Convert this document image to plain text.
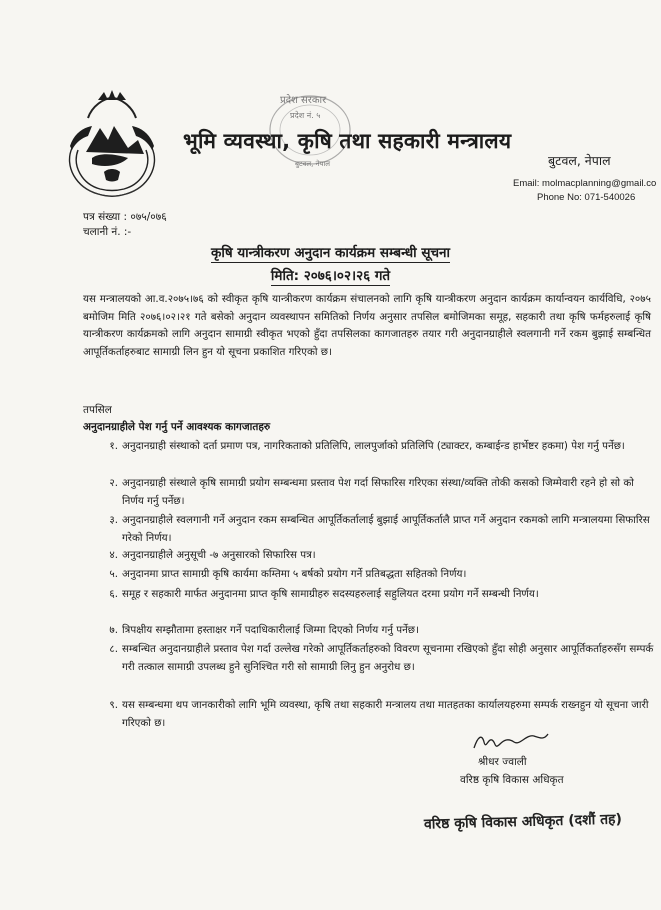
प्रदेश सरकार
प्रदेश नं. ५
बुटवल, नेपाल
भूमि व्यवस्था, कृषि तथा सहकारी मन्त्रालय
बुटवल, नेपाल
Email: molmacplanning@gmail.co
Phone No: 071-540026
पत्र संख्या : ०७५/०७६
चलानी नं. :-
कृषि यान्त्रीकरण अनुदान कार्यक्रम सम्बन्धी सूचना
मिति: २०७६।०२।२६ गते
यस मन्त्रालयको आ.व.२०७५।७६ को स्वीकृत कृषि यान्त्रीकरण कार्यक्रम संचालनको लागि कृषि यान्त्रीकरण अनुदान कार्यक्रम कार्यान्वयन कार्यविधि, २०७५ बमोजिम मिति २०७६।०२।२१ गते बसेको अनुदान व्यवस्थापन समितिको निर्णय अनुसार तपसिल बमोजिमका समूह, सहकारी तथा कृषि फर्महरुलाई कृषि यान्त्रीकरण कार्यक्रमको लागि अनुदान सामाग्री स्वीकृत भएको हुँदा तपसिलका कागजातहरु तयार गरी अनुदानग्राहीले स्वलगानी गर्ने रकम बुझाई सम्बन्धित आपूर्तिकर्ताहरुबाट सामाग्री लिन हुन यो सूचना प्रकाशित गरिएको छ।
तपसिल
अनुदानग्राहीले पेश गर्नु पर्ने आवश्यक कागजातहरु
१. अनुदानग्राही संस्थाको दर्ता प्रमाण पत्र, नागरिकताको प्रतिलिपि, लालपुर्जाको प्रतिलिपि (ट्याक्टर, कम्बाईन्ड हार्भेष्टर हकमा) पेश गर्नु पर्नेछ।
२. अनुदानग्राही संस्थाले कृषि सामाग्री प्रयोग सम्बन्धमा प्रस्ताव पेश गर्दा सिफारिस गरिएका संस्था/व्यक्ति तोकी कसको जिम्मेवारी रहने हो सो को निर्णय गर्नु पर्नेछ।
३. अनुदानग्राहीले स्वलगानी गर्ने अनुदान रकम सम्बन्धित आपूर्तिकर्तालाई बुझाई आपूर्तिकर्तालै प्राप्त गर्ने अनुदान रकमको लागि मन्त्रालयमा सिफारिस गरेको निर्णय।
४. अनुदानग्राहीले अनुसूची -७ अनुसारको सिफारिस पत्र।
५. अनुदानमा प्राप्त सामाग्री कृषि कार्यमा कम्तिमा ५ बर्षको प्रयोग गर्ने प्रतिबद्धता सहितको निर्णय।
६. समूह र सहकारी मार्फत अनुदानमा प्राप्त कृषि सामाग्रीहरु सदस्यहरुलाई सहुलियत दरमा प्रयोग गर्ने सम्बन्धी निर्णय।
७. त्रिपक्षीय सम्झौतामा हस्ताक्षर गर्ने पदाधिकारीलाई जिम्मा दिएको निर्णय गर्नु पर्नेछ।
८. सम्बन्धित अनुदानग्राहीले प्रस्ताव पेश गर्दा उल्लेख गरेको आपूर्तिकर्ताहरुको विवरण सूचनामा रखिएको हुँदा सोही अनुसार आपूर्तिकर्ताहरुसँग सम्पर्क गरी तत्काल सामाग्री उपलब्ध हुने सुनिश्चित गरी सो सामाग्री लिनु हुन अनुरोध छ।
९. यस सम्बन्धमा थप जानकारीको लागि भूमि व्यवस्था, कृषि तथा सहकारी मन्त्रालय तथा मातहतका कार्यालयहरुमा सम्पर्क राख्नहुन यो सूचना जारी गरिएको छ।
श्रीधर ज्वाली
वरिष्ठ कृषि विकास अधिकृत
वरिष्ठ कृषि विकास अधिकृत (दशौं तह)
